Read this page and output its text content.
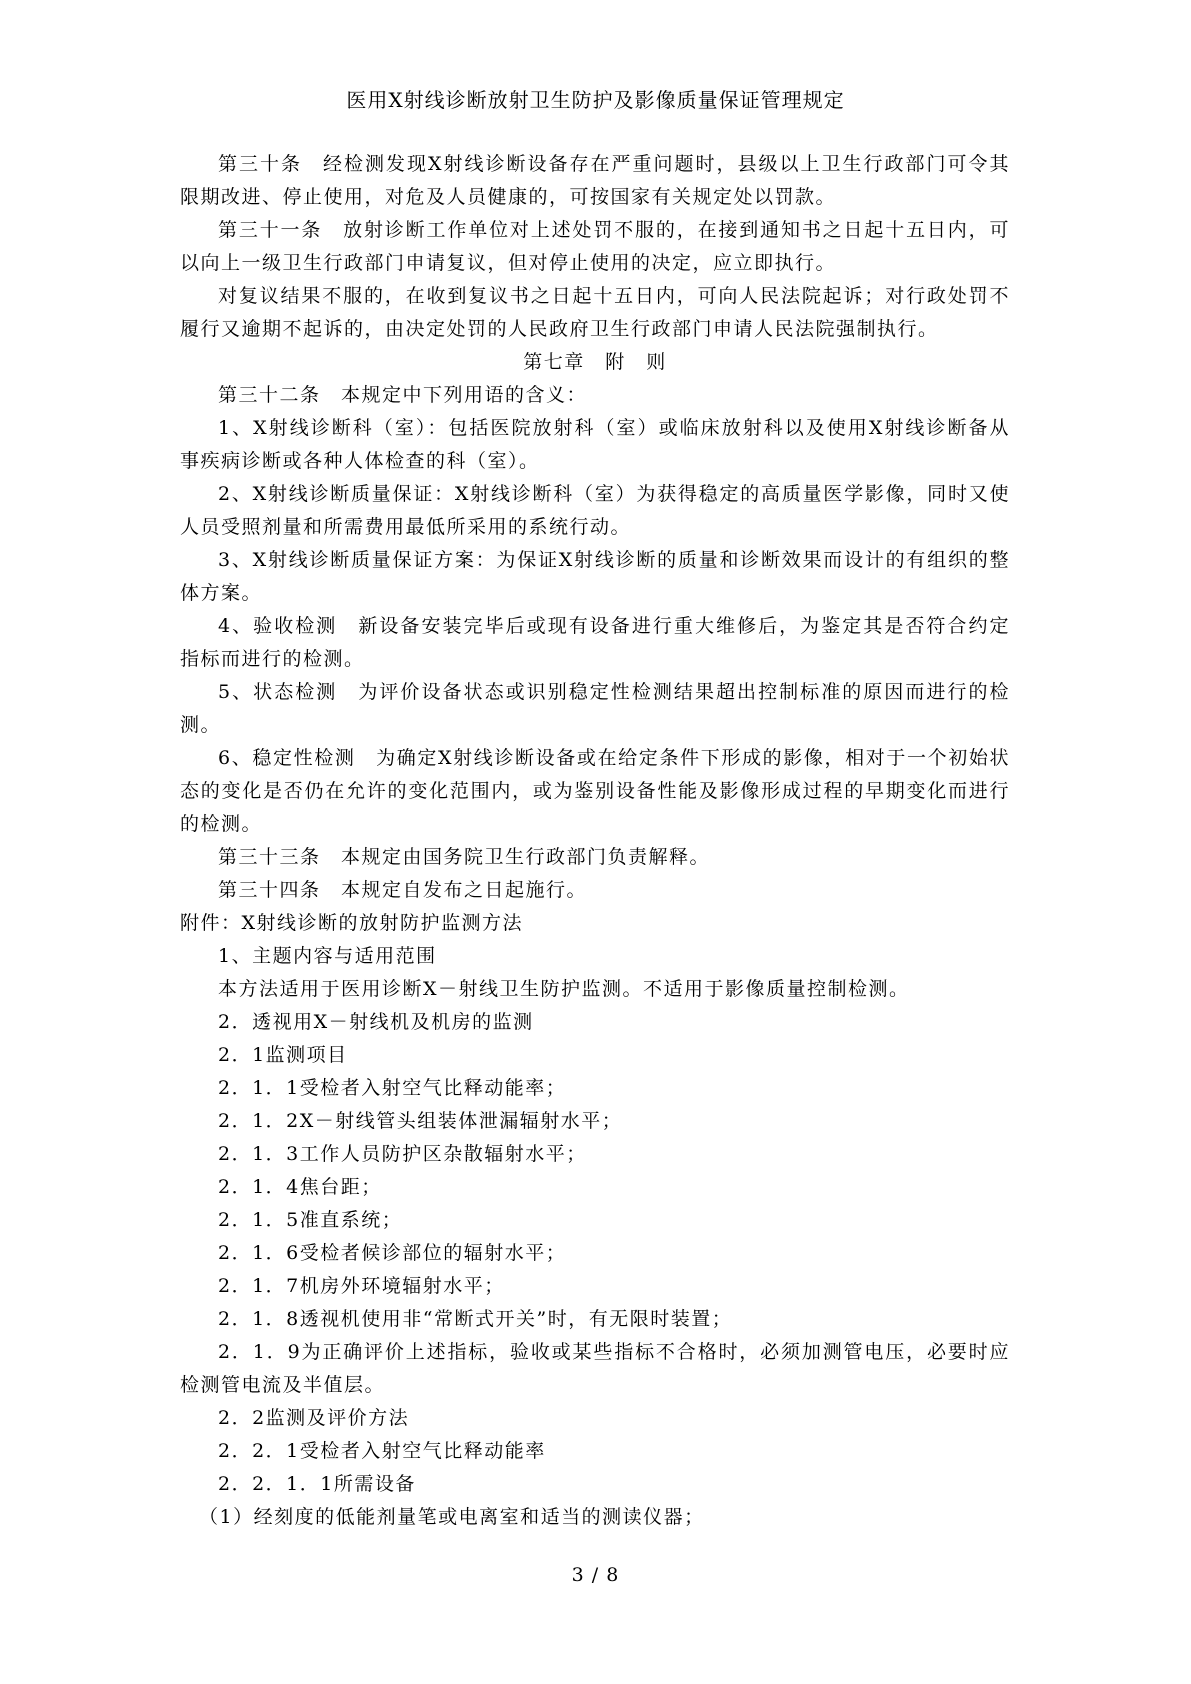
医用X射线诊断放射卫生防护及影像质量保证管理规定

第三十条　经检测发现X射线诊断设备存在严重问题时，县级以上卫生行政部门可令其限期改进、停止使用，对危及人员健康的，可按国家有关规定处以罚款。

第三十一条　放射诊断工作单位对上述处罚不服的，在接到通知书之日起十五日内，可以向上一级卫生行政部门申请复议，但对停止使用的决定，应立即执行。

对复议结果不服的，在收到复议书之日起十五日内，可向人民法院起诉；对行政处罚不履行又逾期不起诉的，由决定处罚的人民政府卫生行政部门申请人民法院强制执行。

第七章　附　则

第三十二条　本规定中下列用语的含义：

1、X射线诊断科（室）：包括医院放射科（室）或临床放射科以及使用X射线诊断备从事疾病诊断或各种人体检查的科（室）。

2、X射线诊断质量保证：X射线诊断科（室）为获得稳定的高质量医学影像，同时又使人员受照剂量和所需费用最低所采用的系统行动。

3、X射线诊断质量保证方案：为保证X射线诊断的质量和诊断效果而设计的有组织的整体方案。

4、验收检测　新设备安装完毕后或现有设备进行重大维修后，为鉴定其是否符合约定指标而进行的检测。

5、状态检测　为评价设备状态或识别稳定性检测结果超出控制标准的原因而进行的检测。

6、稳定性检测　为确定X射线诊断设备或在给定条件下形成的影像，相对于一个初始状态的变化是否仍在允许的变化范围内，或为鉴别设备性能及影像形成过程的早期变化而进行的检测。

第三十三条　本规定由国务院卫生行政部门负责解释。

第三十四条　本规定自发布之日起施行。

附件：X射线诊断的放射防护监测方法

1、主题内容与适用范围

本方法适用于医用诊断X－射线卫生防护监测。不适用于影像质量控制检测。

2．透视用X－射线机及机房的监测

2．1监测项目

2．1．1受检者入射空气比释动能率；

2．1．2X－射线管头组装体泄漏辐射水平；

2．1．3工作人员防护区杂散辐射水平；

2．1．4焦台距；

2．1．5准直系统；

2．1．6受检者候诊部位的辐射水平；

2．1．7机房外环境辐射水平；

2．1．8透视机使用非“常断式开关”时，有无限时装置；

2．1．9为正确评价上述指标，验收或某些指标不合格时，必须加测管电压，必要时应检测管电流及半值层。

2．2监测及评价方法

2．2．1受检者入射空气比释动能率

2．2．1．1所需设备

（1）经刻度的低能剂量笔或电离室和适当的测读仪器；

3 / 8
